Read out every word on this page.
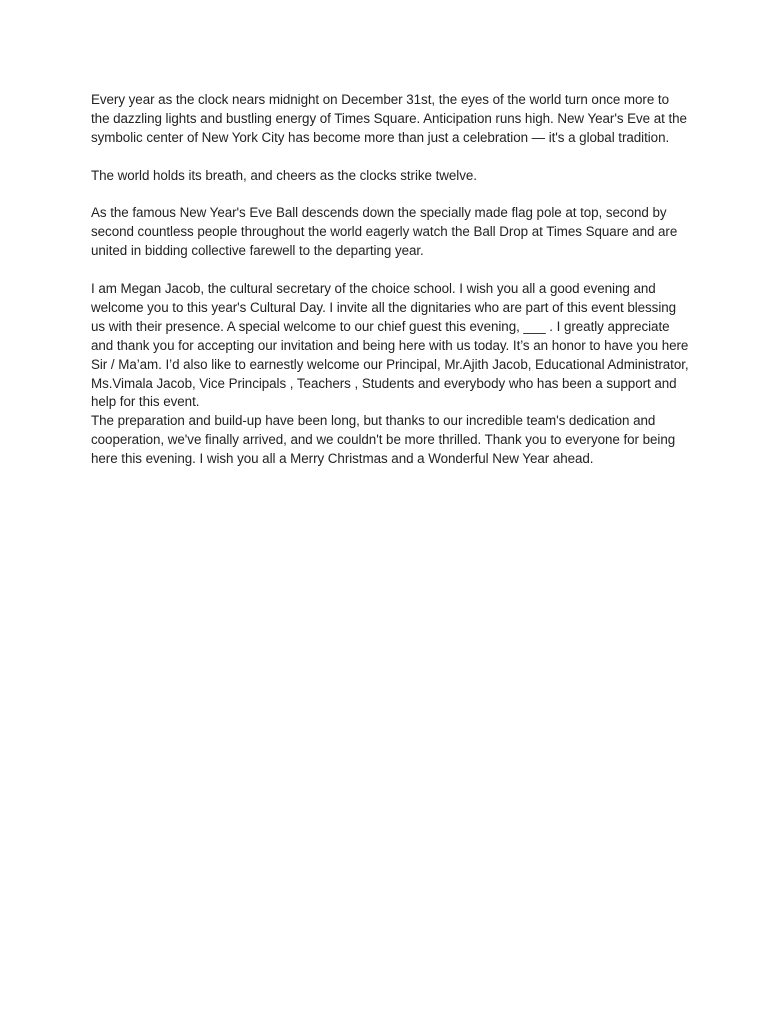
Every year as the clock nears midnight on December 31st, the eyes of the world turn once more to the dazzling lights and bustling energy of Times Square. Anticipation runs high. New Year's Eve at the symbolic center of New York City has become more than just a celebration — it's a global tradition.

The world holds its breath, and cheers as the clocks strike twelve.

As the famous New Year's Eve Ball descends down the specially made flag pole at top, second by second countless people throughout the world eagerly watch the Ball Drop at Times Square and are united in bidding collective farewell to the departing year.

I am Megan Jacob, the cultural secretary of the choice school. I wish you all a good evening and welcome you to this year's Cultural Day. I invite all the dignitaries who are part of this event blessing us with their presence. A special welcome to our chief guest this evening, ___ . I greatly appreciate and thank you for accepting our invitation and being here with us today. It’s an honor to have you here Sir / Ma’am. I’d also like to earnestly welcome our Principal, Mr.Ajith Jacob, Educational Administrator, Ms.Vimala Jacob, Vice Principals , Teachers , Students and everybody who has been a support and help for this event.

The preparation and build-up have been long, but thanks to our incredible team's dedication and cooperation, we've finally arrived, and we couldn't be more thrilled. Thank you to everyone for being here this evening. I wish you all a Merry Christmas and a Wonderful New Year ahead.
